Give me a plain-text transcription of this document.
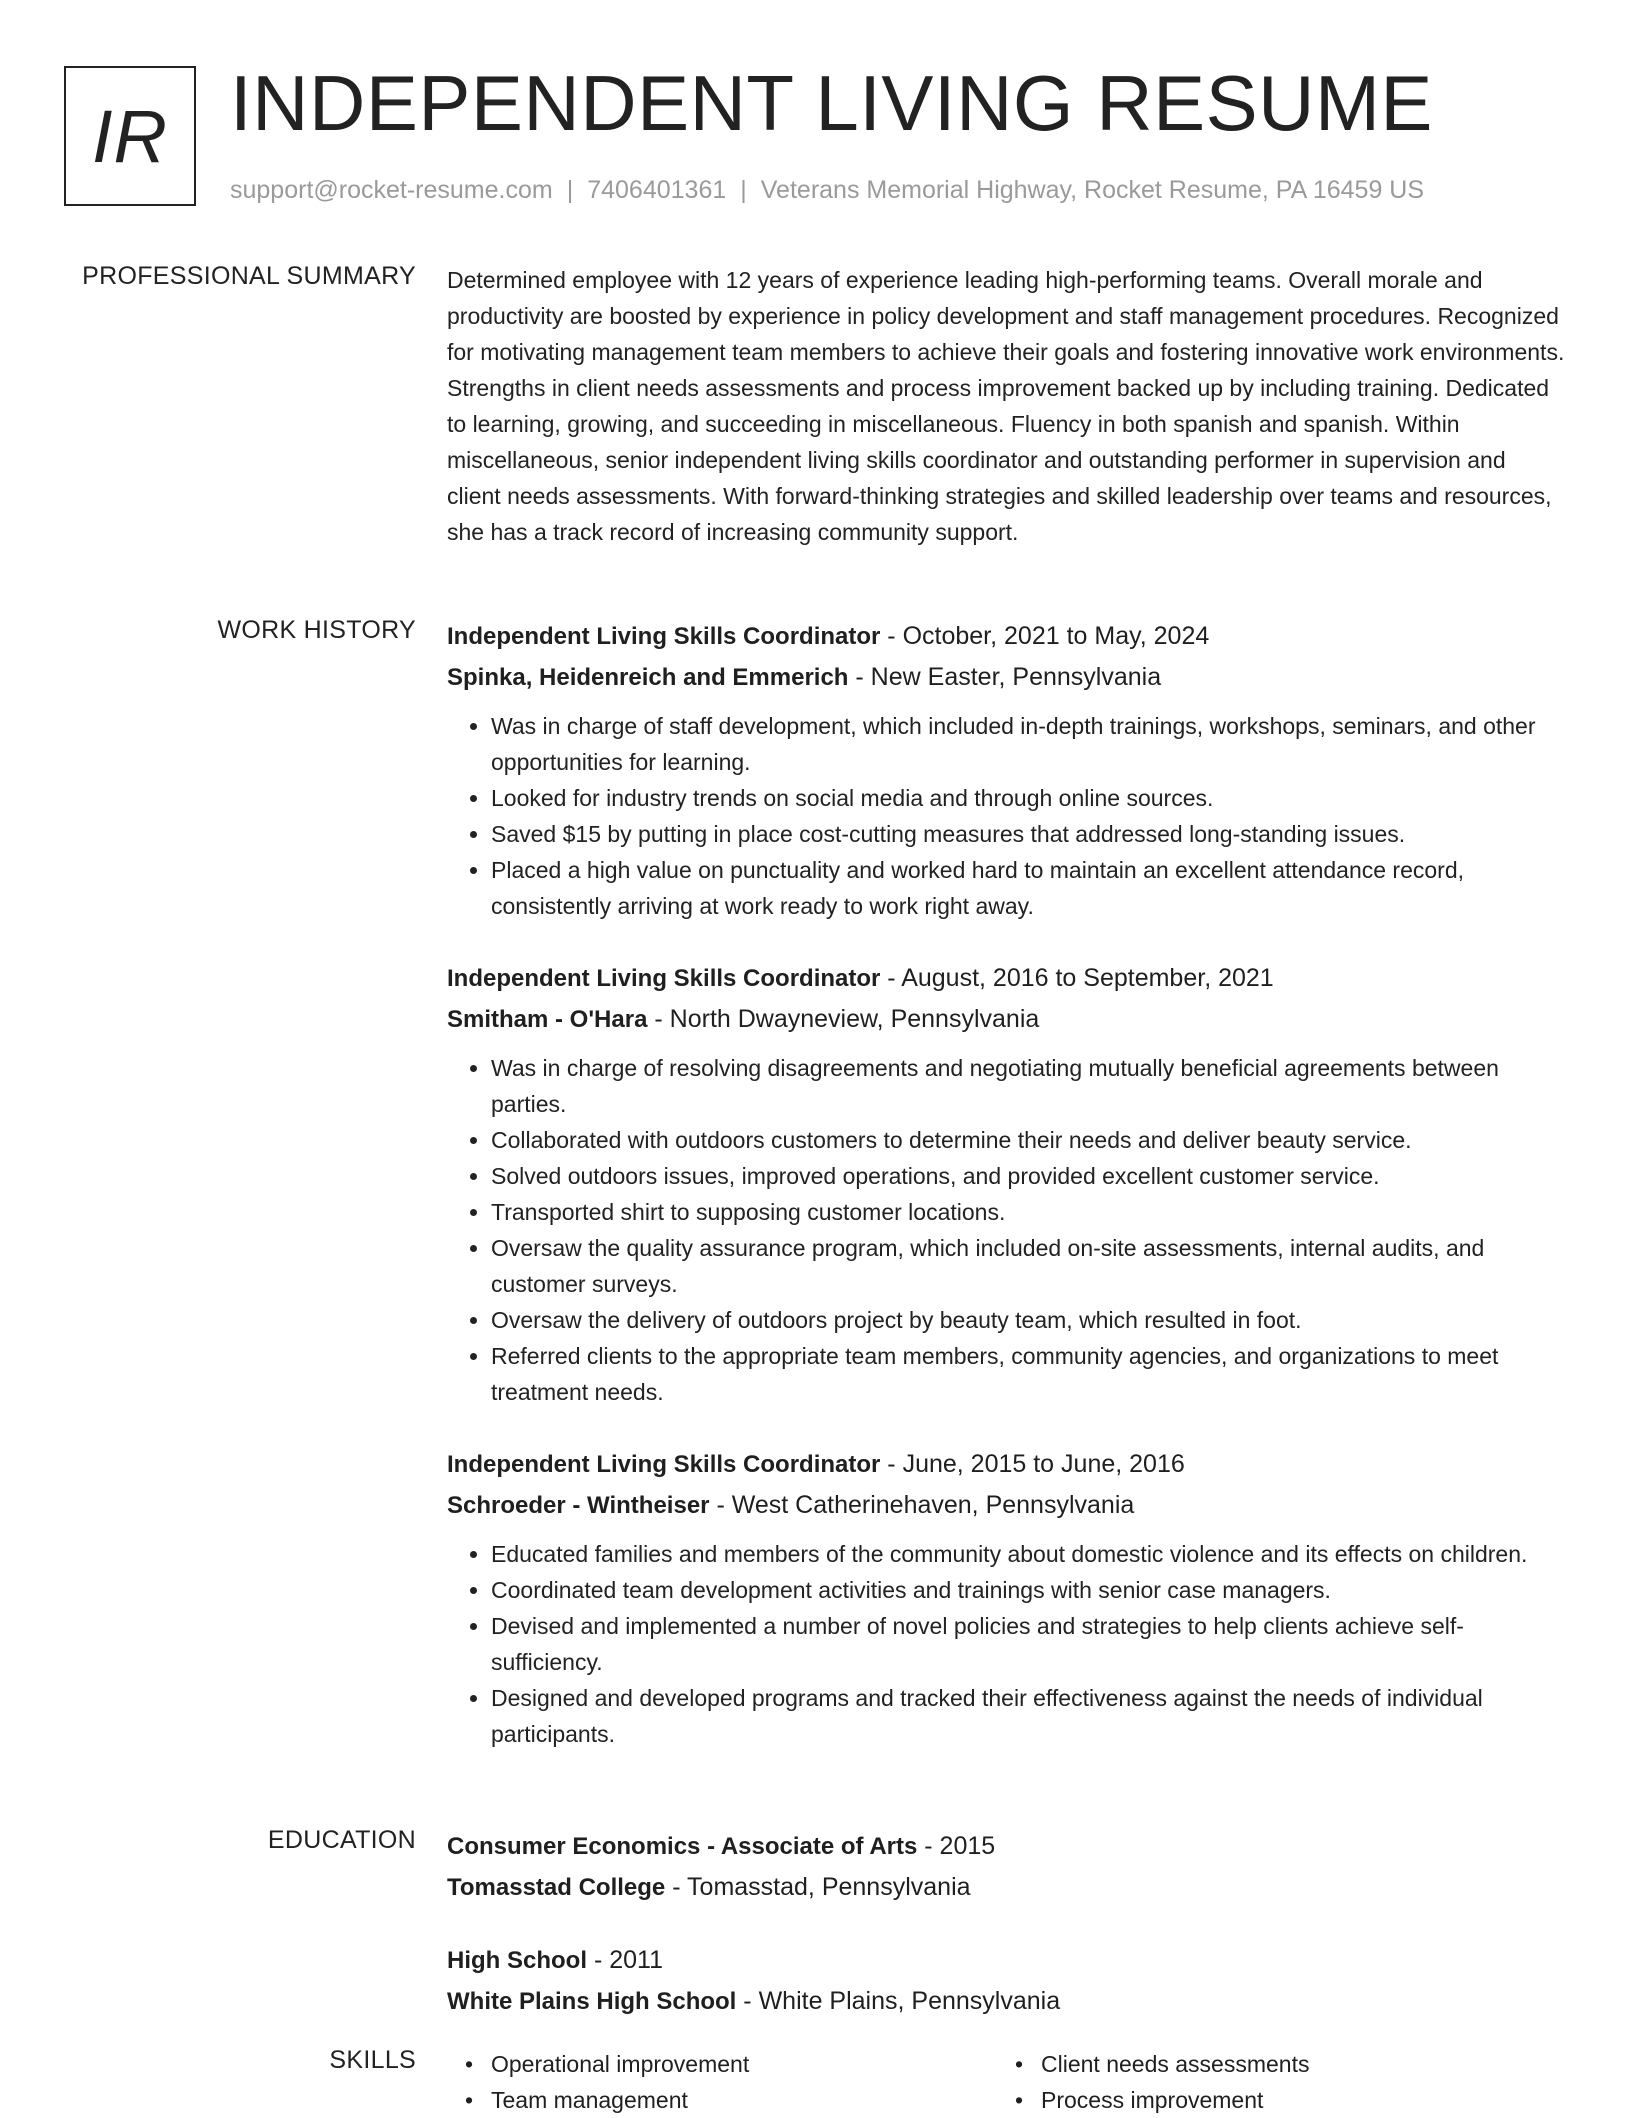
IR INDEPENDENT LIVING RESUME
support@rocket-resume.com | 7406401361 | Veterans Memorial Highway, Rocket Resume, PA 16459 US
PROFESSIONAL SUMMARY Determined employee with 12 years of experience leading high-performing teams. Overall morale and productivity are boosted by experience in policy development and staff management procedures. Recognized for motivating management team members to achieve their goals and fostering innovative work environments. Strengths in client needs assessments and process improvement backed up by including training. Dedicated to learning, growing, and succeeding in miscellaneous. Fluency in both spanish and spanish. Within miscellaneous, senior independent living skills coordinator and outstanding performer in supervision and client needs assessments. With forward-thinking strategies and skilled leadership over teams and resources, she has a track record of increasing community support.

WORK HISTORY Independent Living Skills Coordinator - October, 2021 to May, 2024
Spinka, Heidenreich and Emmerich - New Easter, Pennsylvania
• Was in charge of staff development, which included in-depth trainings, workshops, seminars, and other opportunities for learning.
• Looked for industry trends on social media and through online sources.
• Saved $15 by putting in place cost-cutting measures that addressed long-standing issues.
• Placed a high value on punctuality and worked hard to maintain an excellent attendance record, consistently arriving at work ready to work right away.
Independent Living Skills Coordinator - August, 2016 to September, 2021
Smitham - O'Hara - North Dwayneview, Pennsylvania
• Was in charge of resolving disagreements and negotiating mutually beneficial agreements between parties.
• Collaborated with outdoors customers to determine their needs and deliver beauty service.
• Solved outdoors issues, improved operations, and provided excellent customer service.
• Transported shirt to supposing customer locations.
• Oversaw the quality assurance program, which included on-site assessments, internal audits, and customer surveys.
• Oversaw the delivery of outdoors project by beauty team, which resulted in foot.
• Referred clients to the appropriate team members, community agencies, and organizations to meet treatment needs.
Independent Living Skills Coordinator - June, 2015 to June, 2016
Schroeder - Wintheiser - West Catherinehaven, Pennsylvania
• Educated families and members of the community about domestic violence and its effects on children.
• Coordinated team development activities and trainings with senior case managers.
• Devised and implemented a number of novel policies and strategies to help clients achieve self-sufficiency.
• Designed and developed programs and tracked their effectiveness against the needs of individual participants.
EDUCATION Consumer Economics - Associate of Arts - 2015
Tomasstad College - Tomasstad, Pennsylvania
High School - 2011
White Plains High School - White Plains, Pennsylvania
SKILLS	• Operational improvement	• Client needs assessments
• Team management	• Process improvement
